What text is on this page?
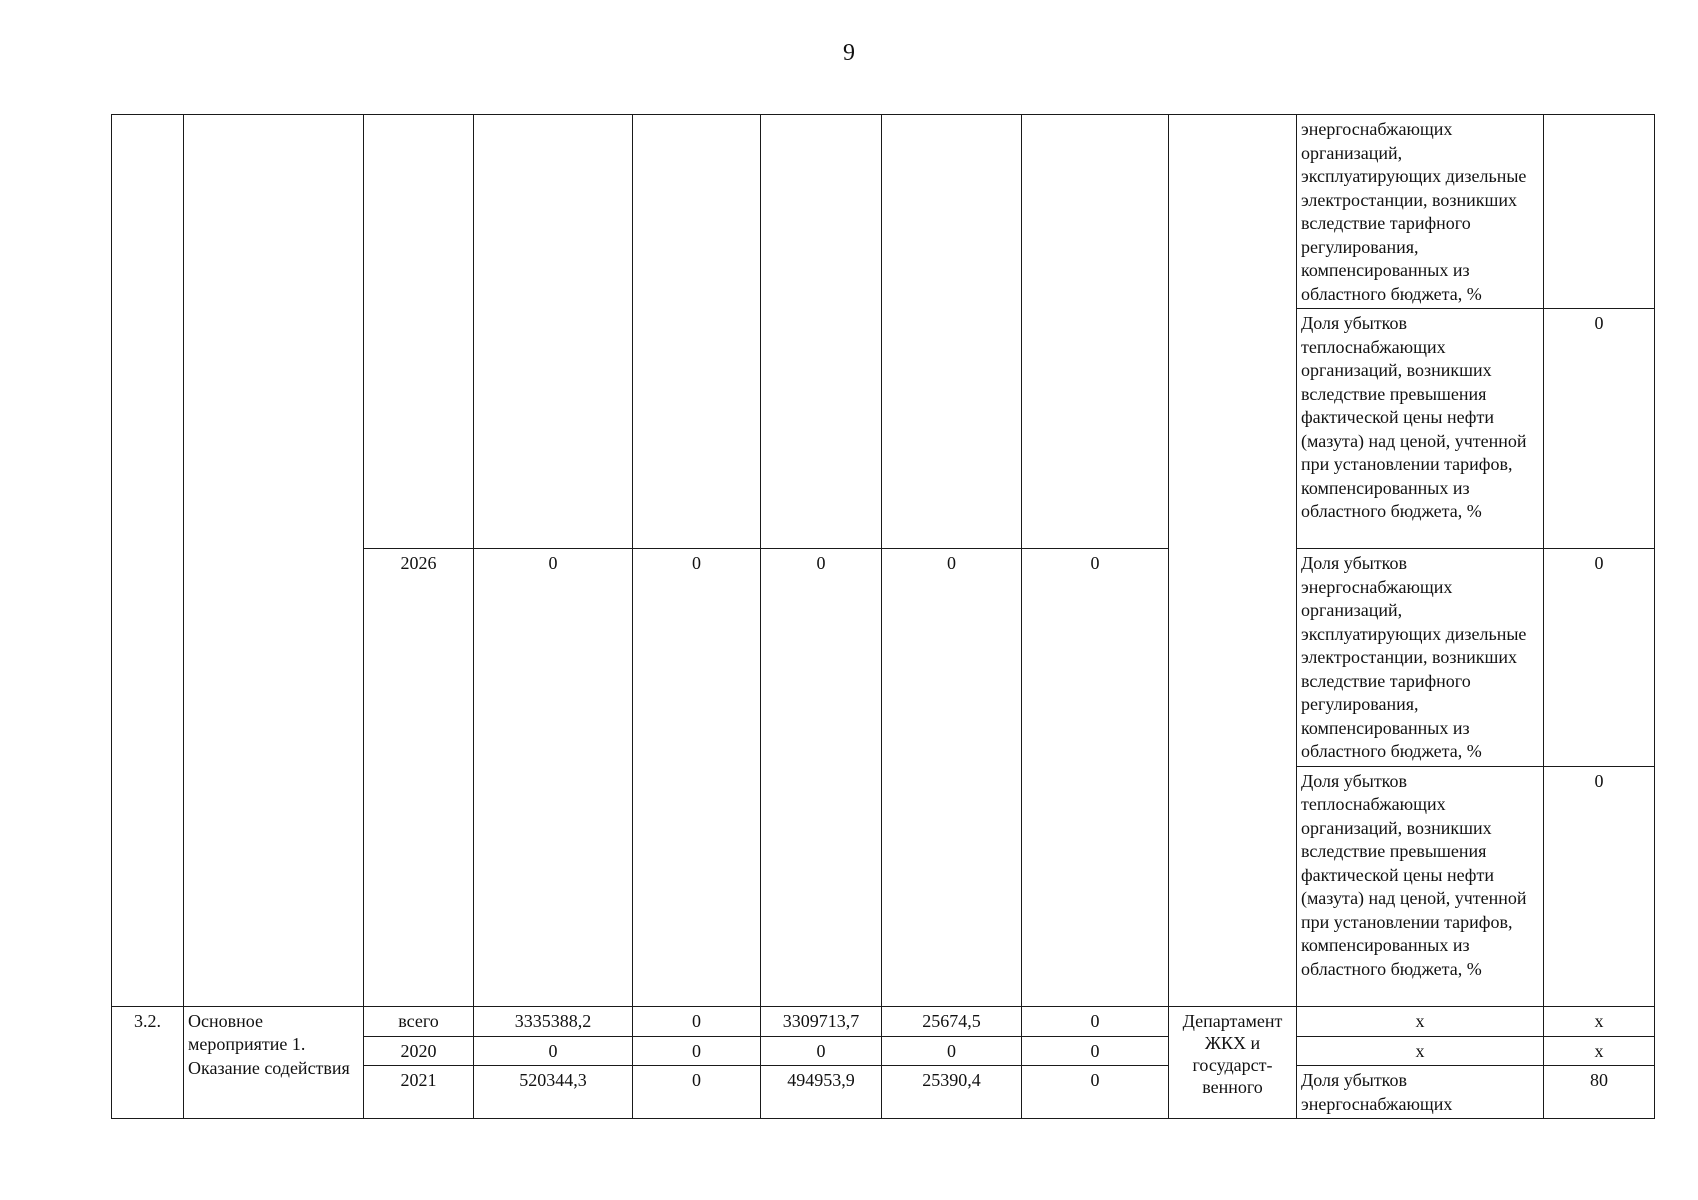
9
									энергоснабжающих организаций, эксплуатирующих дизельные электростанции, возникших вследствие тарифного регулирования, компенсированных из областного бюджета, %	
									Доля убытков теплоснабжающих организаций, возникших вследствие превышения фактической цены нефти (мазута) над ценой, учтенной при установлении тарифов, компенсированных из областного бюджета, %	0
		2026	0	0	0	0	0		Доля убытков энергоснабжающих организаций, эксплуатирующих дизельные электростанции, возникших вследствие тарифного регулирования, компенсированных из областного бюджета, %	0
									Доля убытков теплоснабжающих организаций, возникших вследствие превышения фактической цены нефти (мазута) над ценой, учтенной при установлении тарифов, компенсированных из областного бюджета, %	0
3.2.	Основное мероприятие 1. Оказание содействия	всего	3335388,2	0	3309713,7	25674,5	0	Департамент ЖКХ и государст-венного	х	х
		2020	0	0	0	0	0		х	х
		2021	520344,3	0	494953,9	25390,4	0		Доля убытков энергоснабжающих	80
